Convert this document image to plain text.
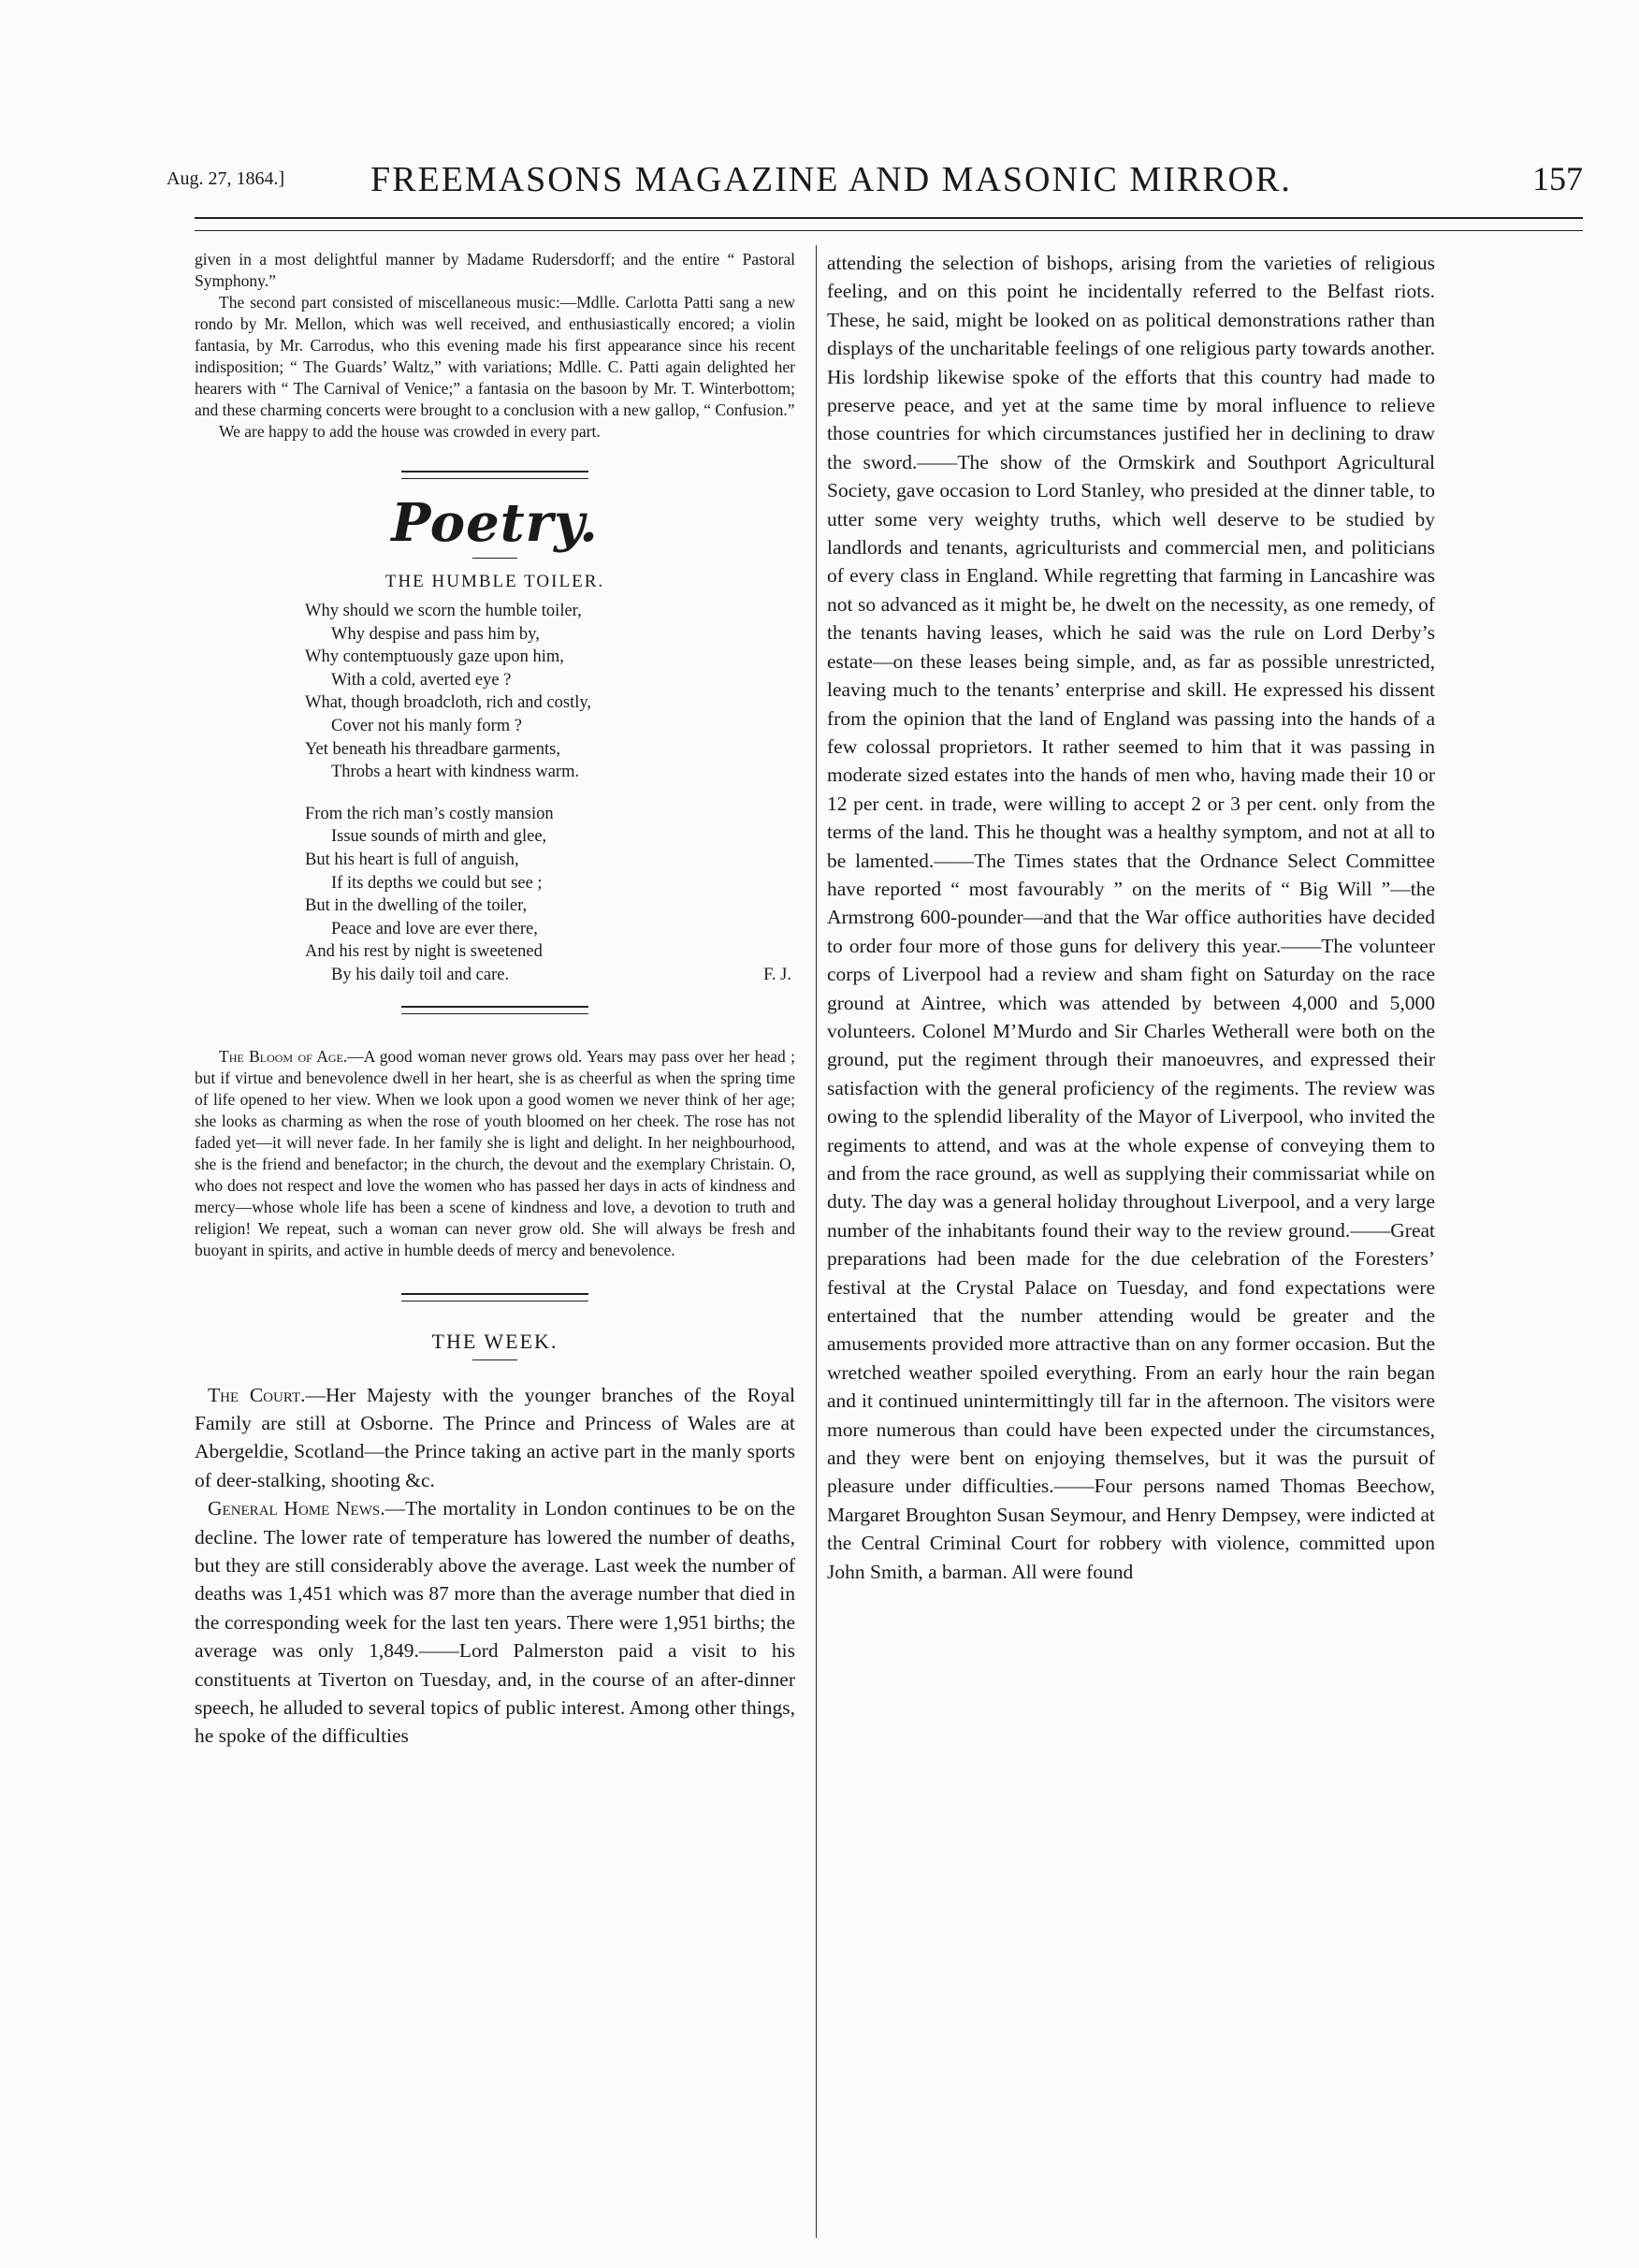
Aug. 27, 1864.] FREEMASONS MAGAZINE AND MASONIC MIRROR.	157

given in a most delightful manner by Madame Rudersdorff; and the entire “ Pastoral Symphony.”

The second part consisted of miscellaneous music:—Mdlle. Carlotta Patti sang a new rondo by Mr. Mellon, which was well received, and enthusiastically encored; a violin fantasia, by Mr. Carrodus, who this evening made his first appearance since his recent indisposition; “ The Guards’ Waltz,” with variations; Mdlle. C. Patti again delighted her hearers with “ The Carnival of Venice;” a fantasia on the basoon by Mr. T. Winterbottom; and these charming concerts were brought to a conclusion with a new gallop, “ Confusion.”

We are happy to add the house was crowded in every part.

Poetry.
THE HUMBLE TOILER.
Why should we scorn the humble toiler,
Why despise and pass him by,
Why contemptuously gaze upon him,
With a cold, averted eye ?
What, though broadcloth, rich and costly,
Cover not his manly form ?
Yet beneath his threadbare garments,
Throbs a heart with kindness warm.
From the rich man’s costly mansion
Issue sounds of mirth and glee,
But his heart is full of anguish,
If its depths we could but see ;
But in the dwelling of the toiler,
Peace and love are ever there,
And his rest by night is sweetened
By his daily toil and care.	F. J.

The Bloom of Age.—A good woman never grows old. Years may pass over her head ; but if virtue and benevolence dwell in her heart, she is as cheerful as when the spring time of life opened to her view. When we look upon a good women we never think of her age; she looks as charming as when the rose of youth bloomed on her cheek. The rose has not faded yet—it will never fade. In her family she is light and delight. In her neighbourhood, she is the friend and benefactor; in the church, the devout and the exemplary Christain. O, who does not respect and love the women who has passed her days in acts of kindness and mercy—whose whole life has been a scene of kindness and love, a devotion to truth and religion! We repeat, such a woman can never grow old. She will always be fresh and buoyant in spirits, and active in humble deeds of mercy and benevolence.

THE WEEK.

The Court.—Her Majesty with the younger branches of the Royal Family are still at Osborne. The Prince and Princess of Wales are at Abergeldie, Scotland—the Prince taking an active part in the manly sports of deer-stalking, shooting &c.

General Home News.—The mortality in London continues to be on the decline. The lower rate of temperature has lowered the number of deaths, but they are still considerably above the average. Last week the number of deaths was 1,451 which was 87 more than the average number that died in the corresponding week for the last ten years. There were 1,951 births; the average was only 1,849.——Lord Palmerston paid a visit to his constituents at Tiverton on Tuesday, and, in the course of an after-dinner speech, he alluded to several topics of public interest. Among other things, he spoke of the difficulties

attending the selection of bishops, arising from the varieties of religious feeling, and on this point he incidentally referred to the Belfast riots. These, he said, might be looked on as political demonstrations rather than displays of the uncharitable feelings of one religious party towards another. His lordship likewise spoke of the efforts that this country had made to preserve peace, and yet at the same time by moral influence to relieve those countries for which circumstances justified her in declining to draw the sword.——The show of the Ormskirk and Southport Agricultural Society, gave occasion to Lord Stanley, who presided at the dinner table, to utter some very weighty truths, which well deserve to be studied by landlords and tenants, agriculturists and commercial men, and politicians of every class in England. While regretting that farming in Lancashire was not so advanced as it might be, he dwelt on the necessity, as one remedy, of the tenants having leases, which he said was the rule on Lord Derby’s estate—on these leases being simple, and, as far as possible unrestricted, leaving much to the tenants’ enterprise and skill. He expressed his dissent from the opinion that the land of England was passing into the hands of a few colossal proprietors. It rather seemed to him that it was passing in moderate sized estates into the hands of men who, having made their 10 or 12 per cent. in trade, were willing to accept 2 or 3 per cent. only from the terms of the land. This he thought was a healthy symptom, and not at all to be lamented.——The Times states that the Ordnance Select Committee have reported “ most favourably ” on the merits of “ Big Will ”—the Armstrong 600-pounder—and that the War office authorities have decided to order four more of those guns for delivery this year.——The volunteer corps of Liverpool had a review and sham fight on Saturday on the race ground at Aintree, which was attended by between 4,000 and 5,000 volunteers. Colonel M’Murdo and Sir Charles Wetherall were both on the ground, put the regiment through their manoeuvres, and expressed their satisfaction with the general proficiency of the regiments. The review was owing to the splendid liberality of the Mayor of Liverpool, who invited the regiments to attend, and was at the whole expense of conveying them to and from the race ground, as well as supplying their commissariat while on duty. The day was a general holiday throughout Liverpool, and a very large number of the inhabitants found their way to the review ground.——Great preparations had been made for the due celebration of the Foresters’ festival at the Crystal Palace on Tuesday, and fond expectations were entertained that the number attending would be greater and the amusements provided more attractive than on any former occasion. But the wretched weather spoiled everything. From an early hour the rain began and it continued unintermittingly till far in the afternoon. The visitors were more numerous than could have been expected under the circumstances, and they were bent on enjoying themselves, but it was the pursuit of pleasure under difficulties.——Four persons named Thomas Beechow, Margaret Broughton Susan Seymour, and Henry Dempsey, were indicted at the Central Criminal Court for robbery with violence, committed upon John Smith, a barman. All were found
